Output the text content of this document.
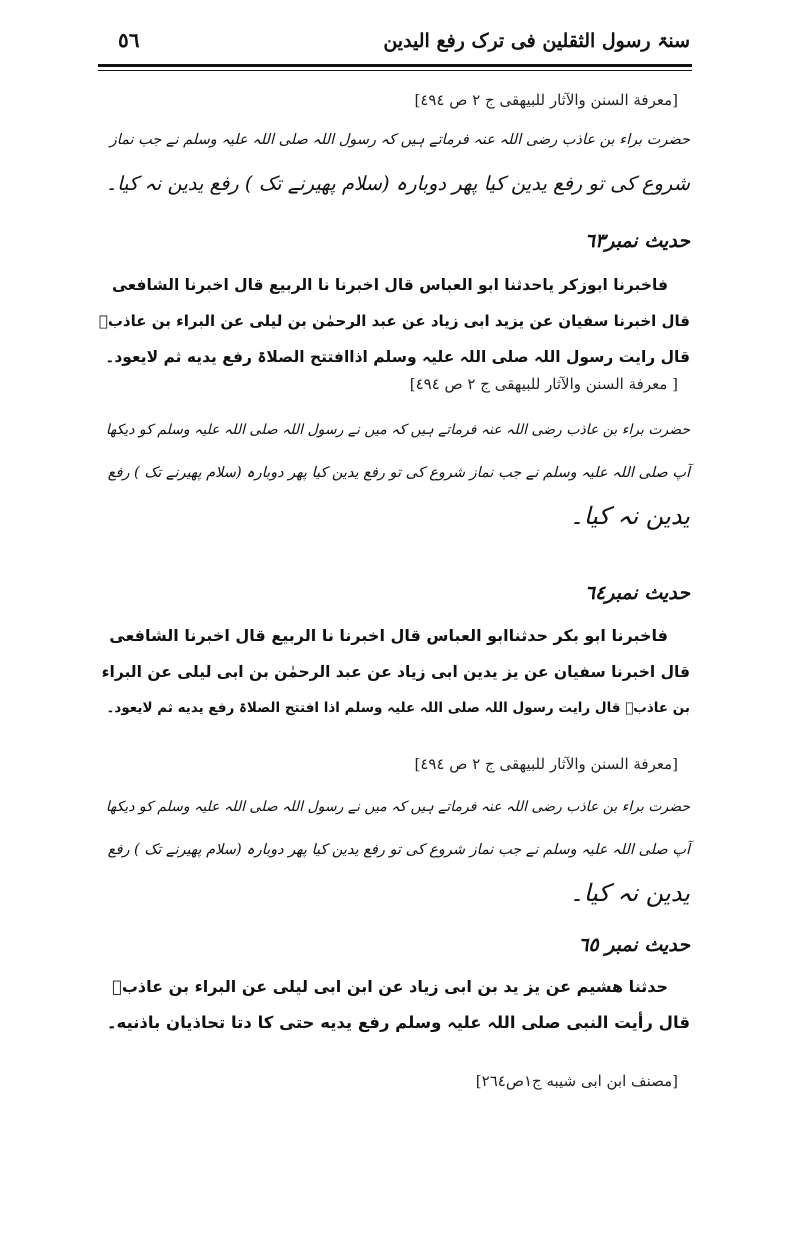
سنۃ رسول الثقلین فی ترک رفع الیدین
٥٦
[معرفة السنن والآثار للبیهقی ج ٢ ص ٤٩٤]
حضرت براء بن عاذب رضی اللہ عنہ فرماتے ہیں کہ رسول اللہ صلی اللہ علیہ وسلم نے جب نماز
شروع کی تو رفع یدین کیا پھر دوبارہ (سلام پھیرنے تک ) رفع یدین نہ کیا۔
حدیث نمبر٦٣
فاخبرنا ابوزکر یاحدثنا ابو العباس قال اخبرنا نا الربیع قال اخبرنا الشافعی
قال اخبرنا سفیان عن یزید ابی زیاد عن عبد الرحمٰن بن لیلی عن البراء بن عاذبؓ
قال رایت رسول اللہ صلی اللہ علیہ وسلم اذاافتتح الصلاۃ رفع یدیه ثم لایعود۔
[ معرفة السنن والآثار للبیهقی ج ٢ ص ٤٩٤]
حضرت براء بن عاذب رضی اللہ عنہ فرماتے ہیں کہ میں نے رسول اللہ صلی اللہ علیہ وسلم کو دیکھا
آپ صلی اللہ علیہ وسلم نے جب نماز شروع کی تو رفع یدین کیا پھر دوبارہ (سلام پھیرنے تک ) رفع
یدین نہ کیا۔
حدیث نمبر٦٤
فاخبرنا ابو بکر حدثناابو العباس قال اخبرنا نا الربیع قال اخبرنا الشافعی
قال اخبرنا سفیان عن یز یدین ابی زیاد عن عبد الرحمٰن بن ابی لیلی عن البراء
بن عاذبؓ قال رایت رسول اللہ صلی اللہ علیہ وسلم اذا افتتح الصلاۃ رفع یدیه ثم لایعود۔
[معرفة السنن والآثار للبیهقی ج ٢ ص ٤٩٤]
حضرت براء بن عاذب رضی اللہ عنہ فرماتے ہیں کہ میں نے رسول اللہ صلی اللہ علیہ وسلم کو دیکھا
آپ صلی اللہ علیہ وسلم نے جب نماز شروع کی تو رفع یدین کیا پھر دوبارہ (سلام پھیرنے تک ) رفع
یدین نہ کیا۔
حدیث نمبر ٦٥
حدثنا هشیم عن یز ید بن ابی زیاد عن ابن ابی لیلی عن البراء بن عاذبؓ
قال رأیت النبی صلی اللہ علیہ وسلم رفع یدیه حتی کا دتا تحاذیان باذنیه۔
[مصنف ابن ابی شیبه ج١ص٢٦٤]
